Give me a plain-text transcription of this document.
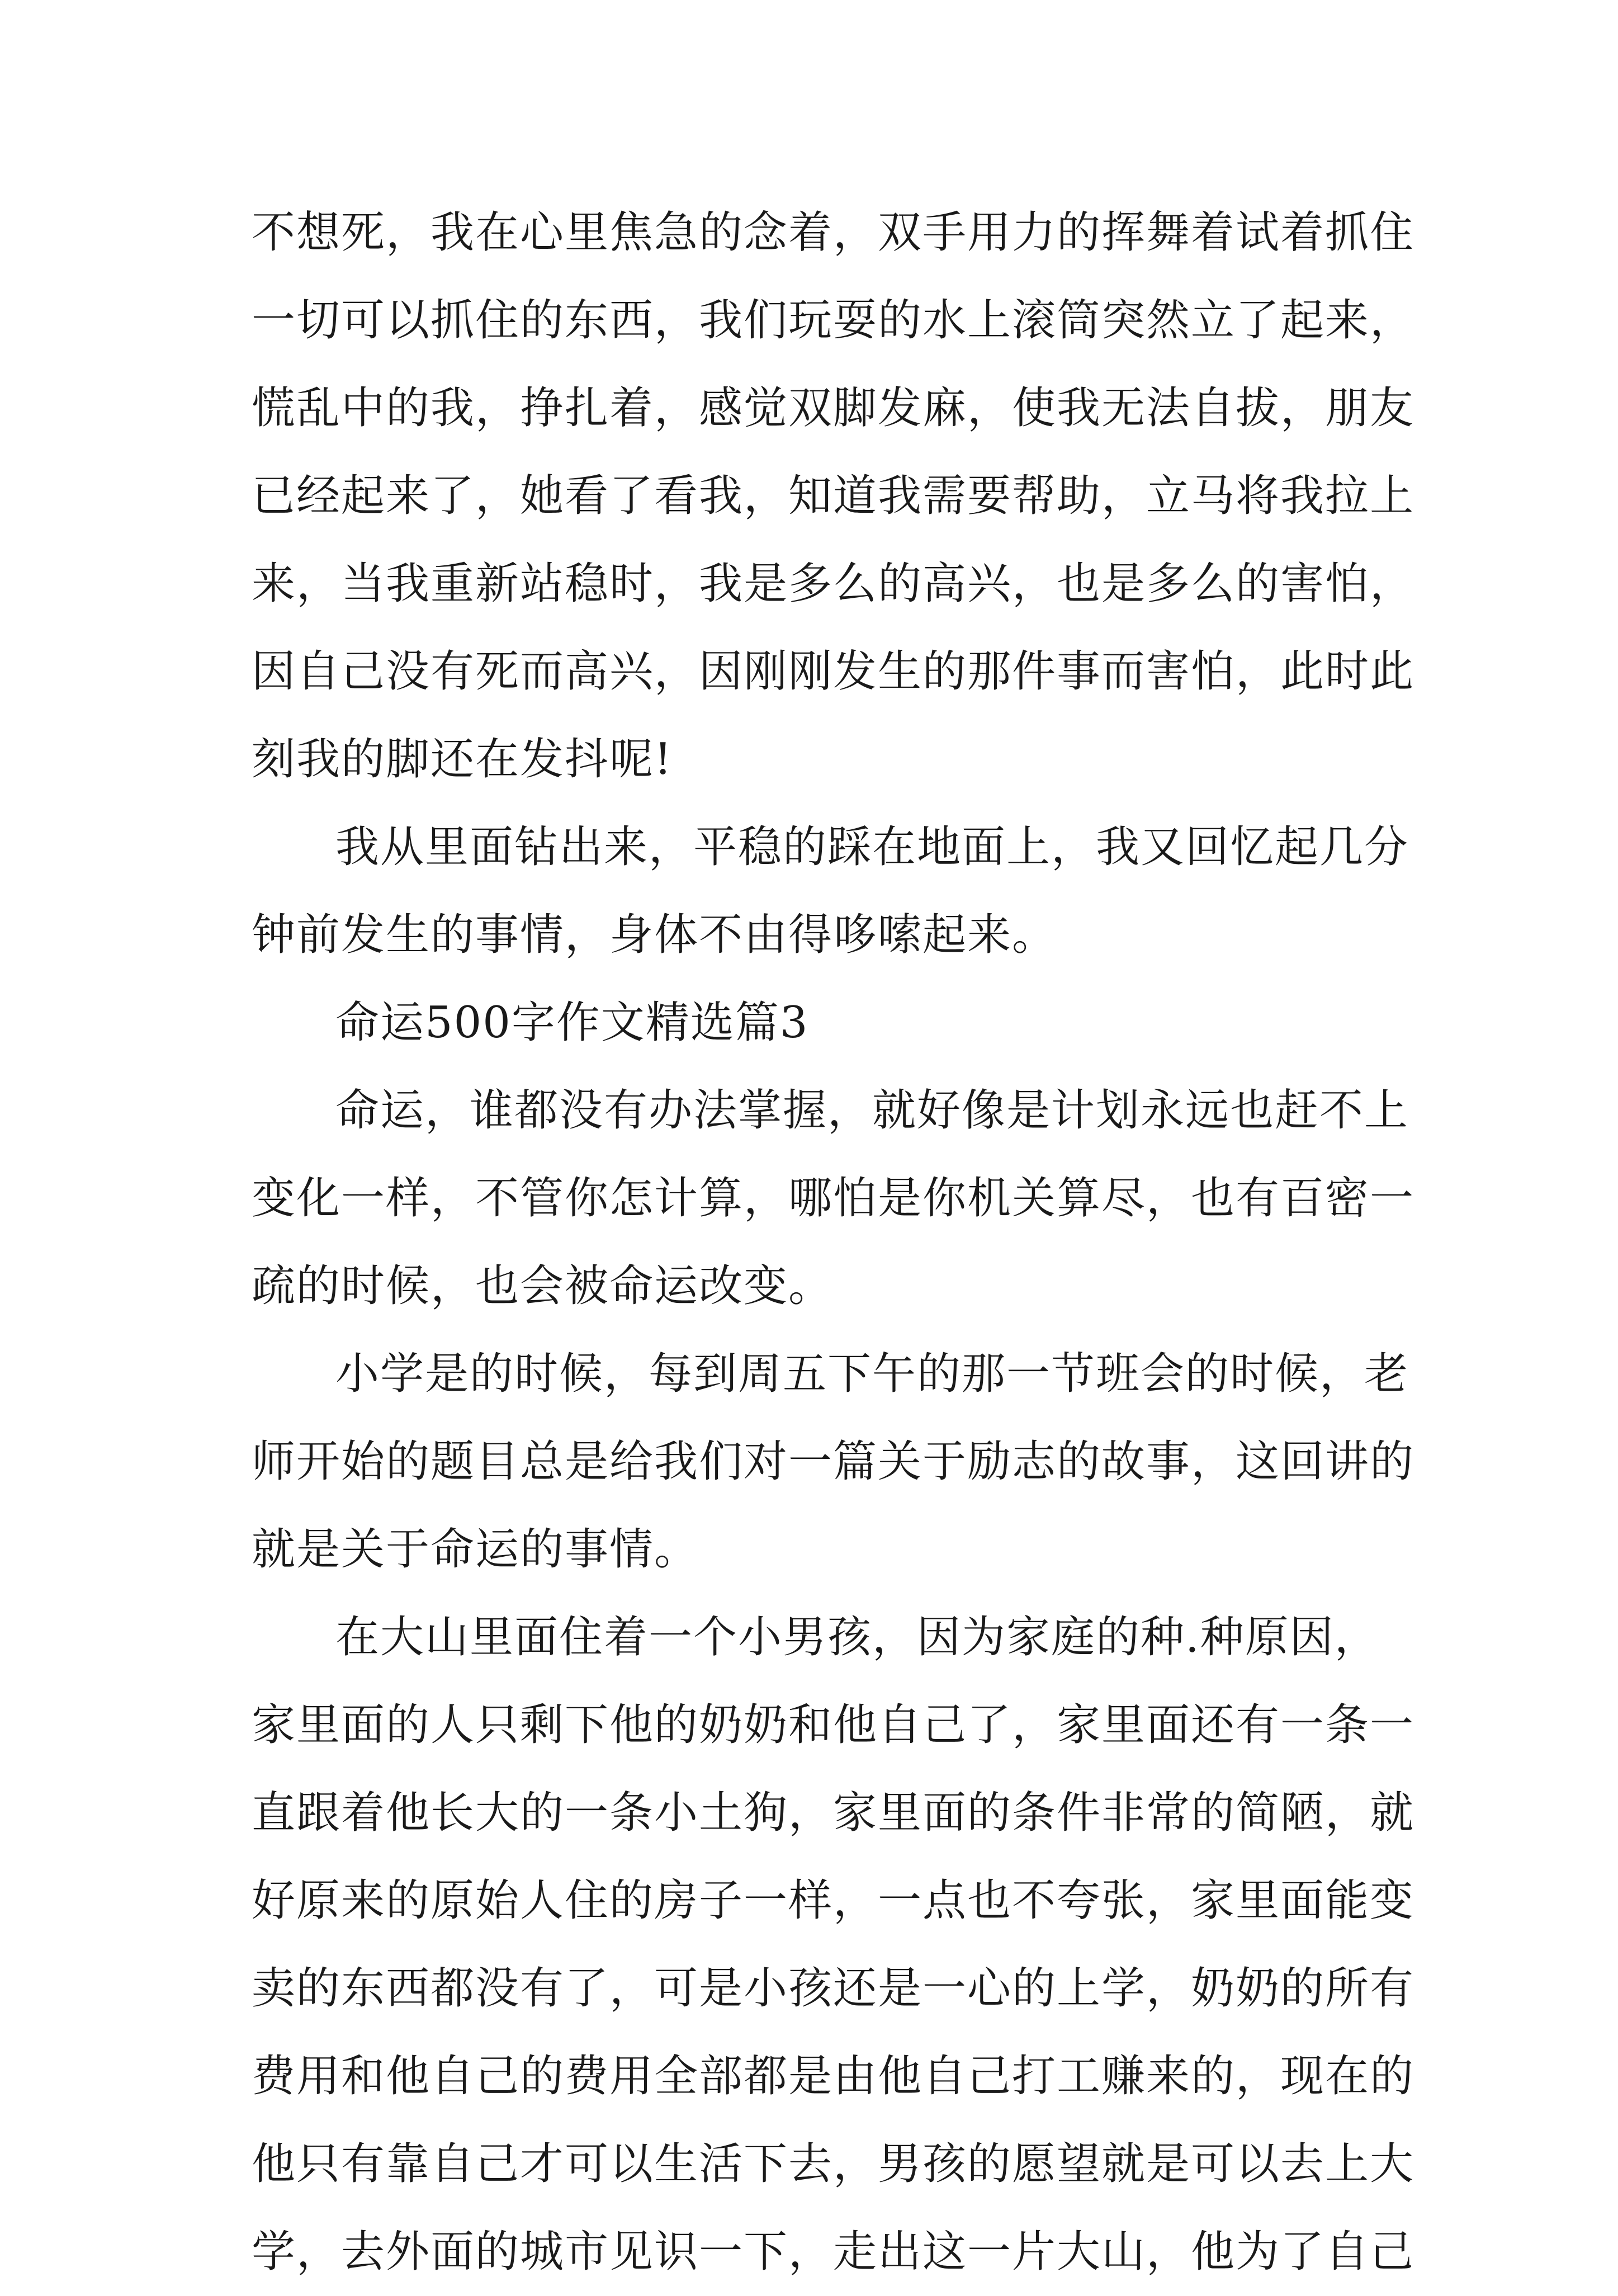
不想死，我在心里焦急的念着，双手用力的挥舞着试着抓住
一切可以抓住的东西，我们玩耍的水上滚筒突然立了起来，
慌乱中的我，挣扎着，感觉双脚发麻，使我无法自拔，朋友
已经起来了，她看了看我，知道我需要帮助，立马将我拉上
来，当我重新站稳时，我是多么的高兴，也是多么的害怕，
因自己没有死而高兴，因刚刚发生的那件事而害怕，此时此
刻我的脚还在发抖呢!
我从里面钻出来，平稳的踩在地面上，我又回忆起几分
钟前发生的事情，身体不由得哆嗦起来。
命运500字作文精选篇3
命运，谁都没有办法掌握，就好像是计划永远也赶不上
变化一样，不管你怎计算，哪怕是你机关算尽，也有百密一
疏的时候，也会被命运改变。
小学是的时候，每到周五下午的那一节班会的时候，老
师开始的题目总是给我们对一篇关于励志的故事，这回讲的
就是关于命运的事情。
在大山里面住着一个小男孩，因为家庭的种.种原因，
家里面的人只剩下他的奶奶和他自己了，家里面还有一条一
直跟着他长大的一条小土狗，家里面的条件非常的简陋，就
好原来的原始人住的房子一样，一点也不夸张，家里面能变
卖的东西都没有了，可是小孩还是一心的上学，奶奶的所有
费用和他自己的费用全部都是由他自己打工赚来的，现在的
他只有靠自己才可以生活下去，男孩的愿望就是可以去上大
学，去外面的城市见识一下，走出这一片大山，他为了自己
